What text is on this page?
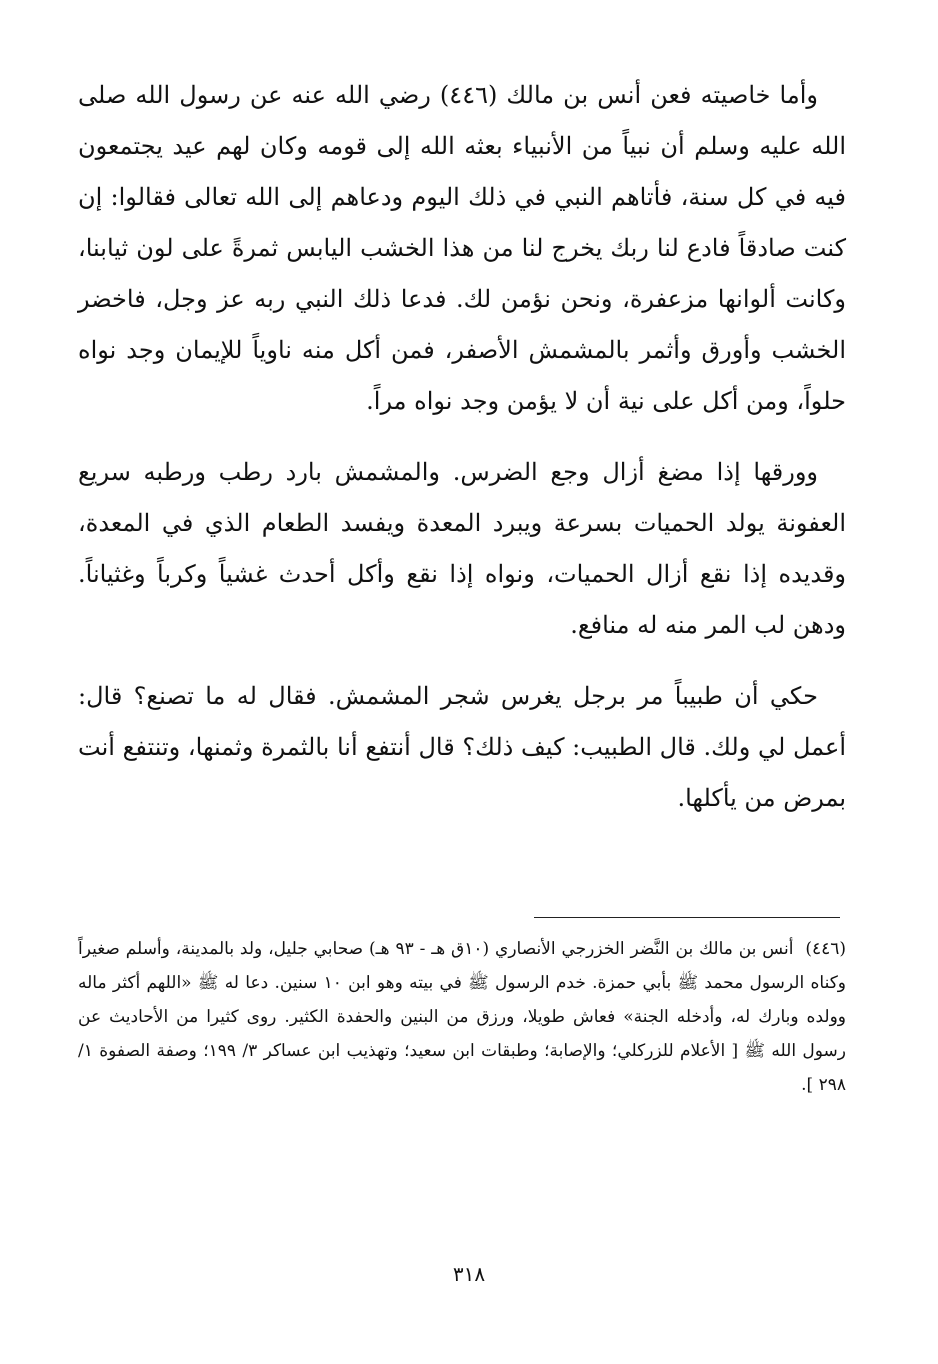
وأما خاصيته فعن أنس بن مالك (٤٤٦) رضي الله عنه عن رسول الله صلى الله عليه وسلم أن نبياً من الأنبياء بعثه الله إلى قومه وكان لهم عيد يجتمعون فيه في كل سنة، فأتاهم النبي في ذلك اليوم ودعاهم إلى الله تعالى فقالوا: إن كنت صادقاً فادع لنا ربك يخرج لنا من هذا الخشب اليابس ثمرةً على لون ثيابنا، وكانت ألوانها مزعفرة، ونحن نؤمن لك. فدعا ذلك النبي ربه عز وجل، فاخضر الخشب وأورق وأثمر بالمشمش الأصفر، فمن أكل منه ناوياً للإيمان وجد نواه حلواً، ومن أكل على نية أن لا يؤمن وجد نواه مراً.

وورقها إذا مضغ أزال وجع الضرس. والمشمش بارد رطب ورطبه سريع العفونة يولد الحميات بسرعة ويبرد المعدة ويفسد الطعام الذي في المعدة، وقديده إذا نقع أزال الحميات، ونواه إذا نقع وأكل أحدث غشياً وكرباً وغثياناً. ودهن لب المر منه له منافع.

حكي أن طبيباً مر برجل يغرس شجر المشمش. فقال له ما تصنع؟ قال: أعمل لي ولك. قال الطبيب: كيف ذلك؟ قال أنتفع أنا بالثمرة وثمنها، وتنتفع أنت بمرض من يأكلها.

(٤٤٦) أنس بن مالك بن النَّضر الخزرجي الأنصاري (١٠ق هـ - ٩٣ هـ) صحابي جليل، ولد بالمدينة، وأسلم صغيراً وكناه الرسول محمد ﷺ بأبي حمزة. خدم الرسول ﷺ في بيته وهو ابن ١٠ سنين. دعا له ﷺ «اللهم أكثر ماله وولده وبارك له، وأدخله الجنة» فعاش طويلا، ورزق من البنين والحفدة الكثير. روى كثيرا من الأحاديث عن رسول الله ﷺ [ الأعلام للزركلي؛ والإصابة؛ وطبقات ابن سعيد؛ وتهذيب ابن عساكر ٣/ ١٩٩؛ وصفة الصفوة ١/ ٢٩٨ ].
٣١٨
